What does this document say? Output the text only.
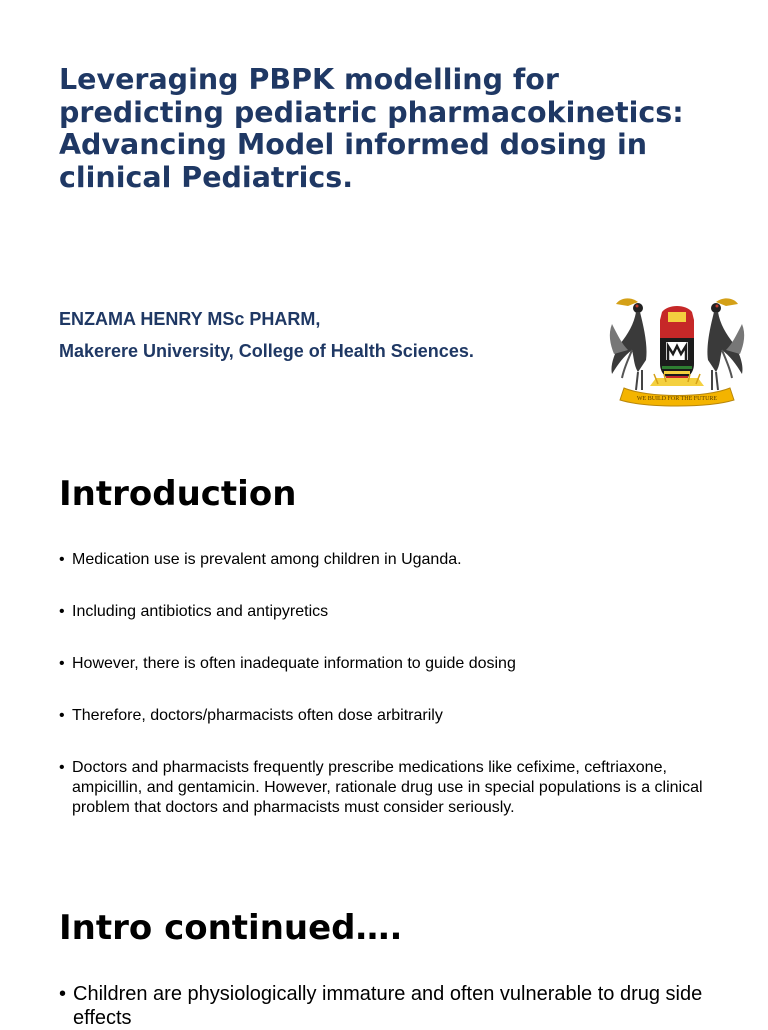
Leveraging PBPK modelling for
predicting pediatric pharmacokinetics:
Advancing Model informed dosing in
clinical Pediatrics.
ENZAMA HENRY MSc PHARM,
Makerere University, College of Health Sciences.
WE BUILD FOR THE FUTURE
Introduction
• Medication use is prevalent among children in Uganda.
• Including antibiotics and antipyretics
• However, there is often inadequate information to guide dosing
• Therefore, doctors/pharmacists often dose arbitrarily
• Doctors and pharmacists frequently prescribe medications like cefixime, ceftriaxone, ampicillin, and gentamicin. However, rationale drug use in special populations is a clinical problem that doctors and pharmacists must consider seriously.
Intro continued….
• Children are physiologically immature and often vulnerable to drug side effects
